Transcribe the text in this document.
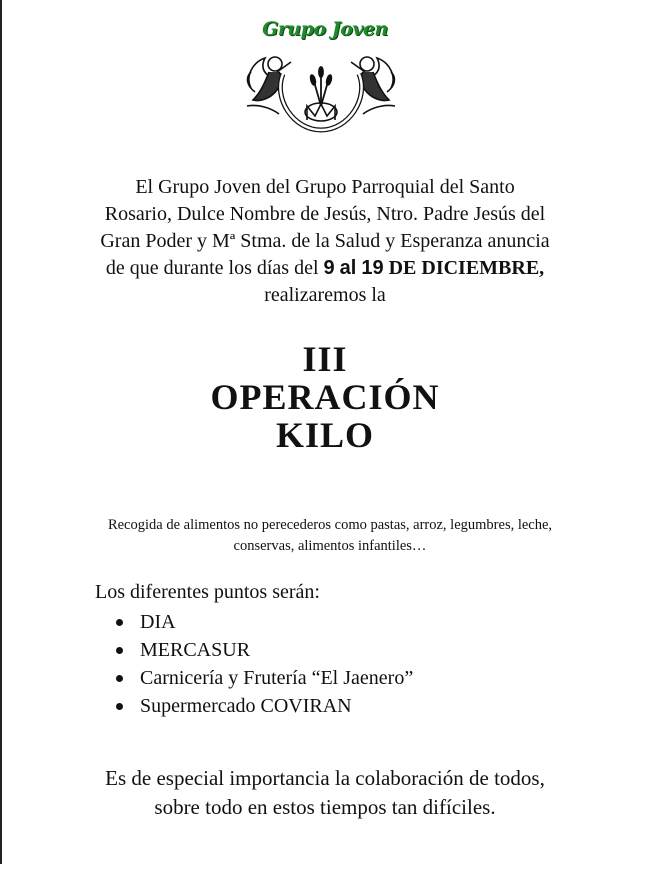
Grupo Joven
El Grupo Joven del Grupo Parroquial del Santo Rosario, Dulce Nombre de Jesús, Ntro. Padre Jesús del Gran Poder y Mª Stma. de la Salud y Esperanza anuncia de que durante los días del 9 al 19 DE DICIEMBRE, realizaremos la
III
OPERACIÓN
KILO
Recogida de alimentos no perecederos como pastas, arroz, legumbres, leche, conservas, alimentos infantiles…
Los diferentes puntos serán:
DIA
MERCASUR
Carnicería y Frutería “El Jaenero”
Supermercado COVIRAN
Es de especial importancia la colaboración de todos, sobre todo en estos tiempos tan difíciles.
